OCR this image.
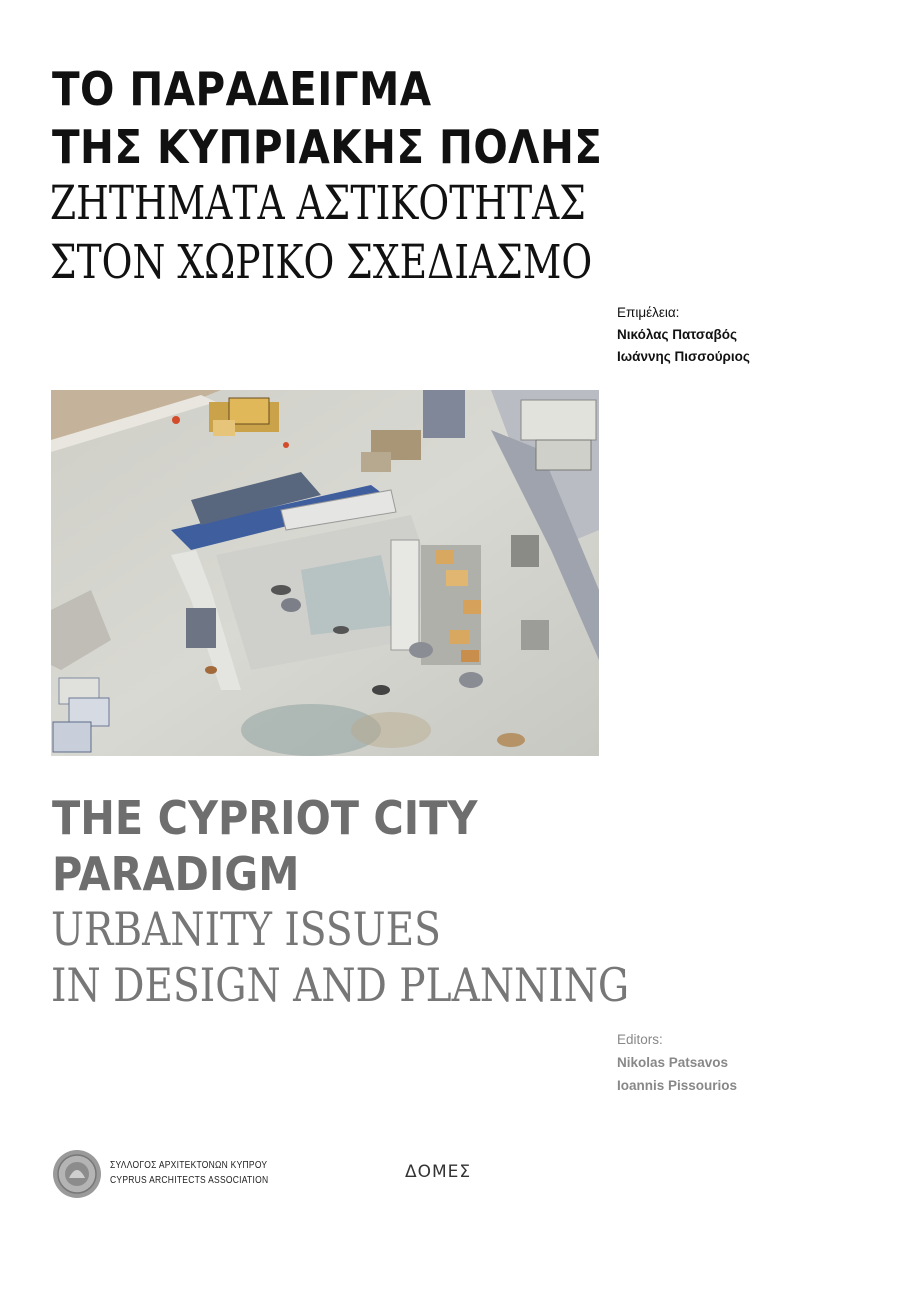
ΤΟ ΠΑΡΑΔΕΙΓΜΑ
ΤΗΣ ΚΥΠΡΙΑΚΗΣ ΠΟΛΗΣ
ΖΗΤΗΜΑΤΑ ΑΣΤΙΚΟΤΗΤΑΣ
ΣΤΟΝ ΧΩΡΙΚΟ ΣΧΕΔΙΑΣΜΟ
Επιμέλεια:
Νικόλας Πατσαβός
Ιωάννης Πισσούριος
THE CYPRIOT CITY
PARADIGM
URBANITY ISSUES
IN DESIGN AND PLANNING
Editors:
Nikolas Patsavos
Ioannis Pissourios
ΣΥΛΛΟΓΟΣ ΑΡΧΙΤΕΚΤΟΝΩΝ ΚΥΠΡΟΥ
CYPRUS ARCHITECTS ASSOCIATION	ΔΟΜΕΣ
